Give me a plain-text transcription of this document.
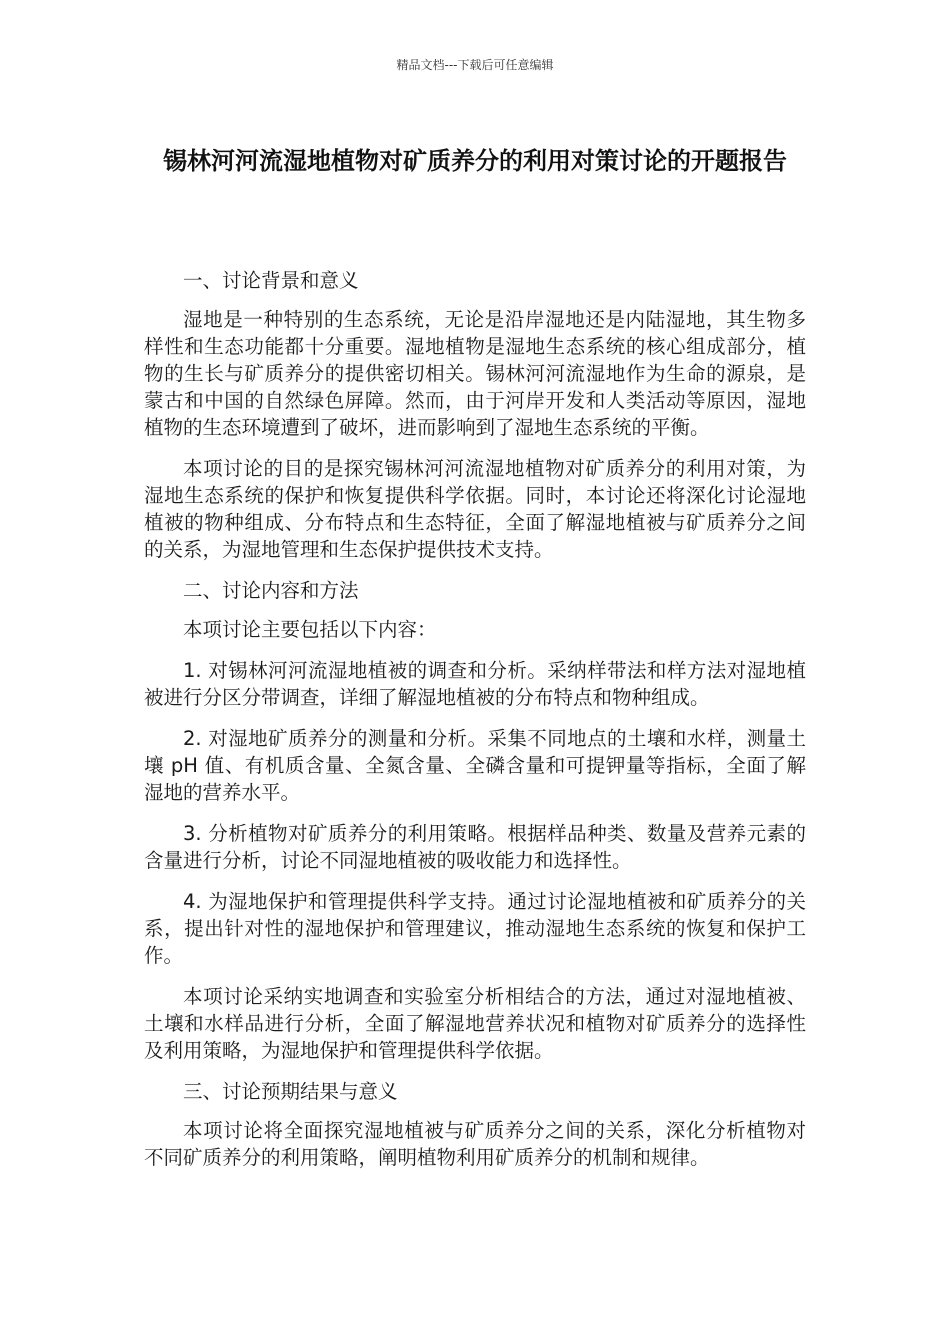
精品文档---下载后可任意编辑
锡林河河流湿地植物对矿质养分的利用对策讨论的开题报告

一、讨论背景和意义

湿地是一种特别的生态系统，无论是沿岸湿地还是内陆湿地，其生物多样性和生态功能都十分重要。湿地植物是湿地生态系统的核心组成部分，植物的生长与矿质养分的提供密切相关。锡林河河流湿地作为生命的源泉，是蒙古和中国的自然绿色屏障。然而，由于河岸开发和人类活动等原因，湿地植物的生态环境遭到了破坏，进而影响到了湿地生态系统的平衡。

本项讨论的目的是探究锡林河河流湿地植物对矿质养分的利用对策，为湿地生态系统的保护和恢复提供科学依据。同时，本讨论还将深化讨论湿地植被的物种组成、分布特点和生态特征，全面了解湿地植被与矿质养分之间的关系，为湿地管理和生态保护提供技术支持。

二、讨论内容和方法

本项讨论主要包括以下内容：

1. 对锡林河河流湿地植被的调查和分析。采纳样带法和样方法对湿地植被进行分区分带调查，详细了解湿地植被的分布特点和物种组成。

2. 对湿地矿质养分的测量和分析。采集不同地点的土壤和水样，测量土壤 pH 值、有机质含量、全氮含量、全磷含量和可提钾量等指标，全面了解湿地的营养水平。

3. 分析植物对矿质养分的利用策略。根据样品种类、数量及营养元素的含量进行分析，讨论不同湿地植被的吸收能力和选择性。

4. 为湿地保护和管理提供科学支持。通过讨论湿地植被和矿质养分的关系，提出针对性的湿地保护和管理建议，推动湿地生态系统的恢复和保护工作。

本项讨论采纳实地调查和实验室分析相结合的方法，通过对湿地植被、土壤和水样品进行分析，全面了解湿地营养状况和植物对矿质养分的选择性及利用策略，为湿地保护和管理提供科学依据。

三、讨论预期结果与意义

本项讨论将全面探究湿地植被与矿质养分之间的关系，深化分析植物对不同矿质养分的利用策略，阐明植物利用矿质养分的机制和规律。
